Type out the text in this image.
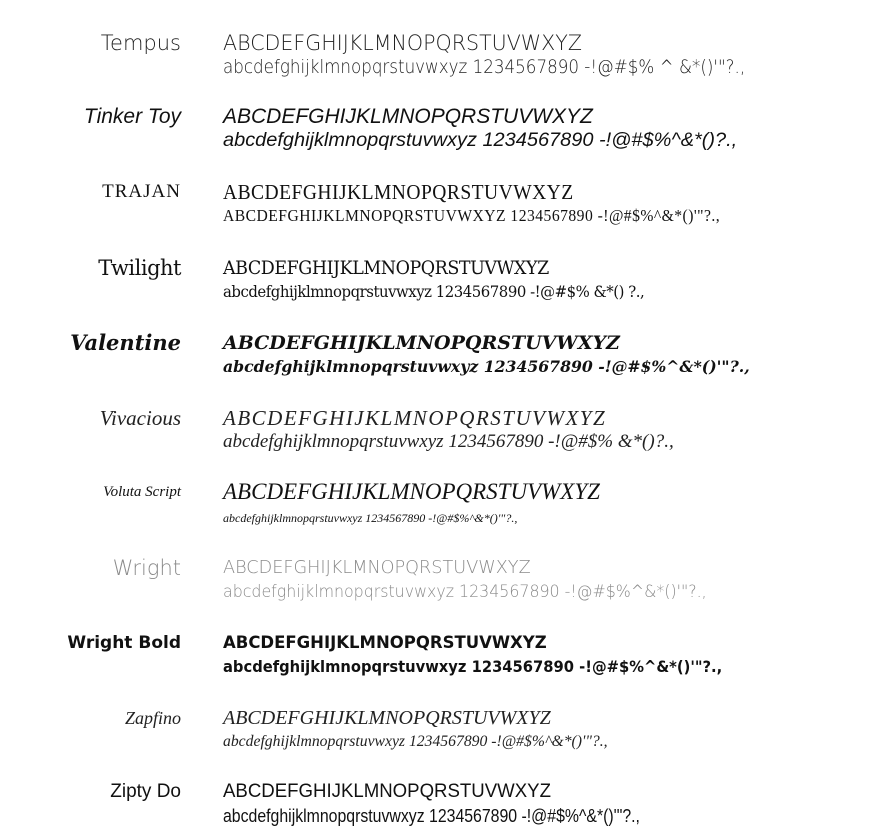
Tempus ABCDEFGHIJKLMNOPQRSTUVWXYZ
abcdefghijklmnopqrstuvwxyz 1234567890 -!@#$% ^ &*()'"?.,
Tinker Toy ABCDEFGHIJKLMNOPQRSTUVWXYZ
abcdefghijklmnopqrstuvwxyz 1234567890 -!@#$%^&*()?.,
TRAJAN ABCDEFGHIJKLMNOPQRSTUVWXYZ
ABCDEFGHIJKLMNOPQRSTUVWXYZ 1234567890 -!@#$%^&*()'"?.,
Twilight ABCDEFGHIJKLMNOPQRSTUVWXYZ
abcdefghijklmnopqrstuvwxyz 1234567890 -!@#$% &*() ?.,
Valentine ABCDEFGHIJKLMNOPQRSTUVWXYZ
abcdefghijklmnopqrstuvwxyz 1234567890 -!@#$%^&*()'"?.,
Vivacious ABCDEFGHIJKLMNOPQRSTUVWXYZ
abcdefghijklmnopqrstuvwxyz 1234567890 -!@#$% &*()?.,
Voluta Script ABCDEFGHIJKLMNOPQRSTUVWXYZ
abcdefghijklmnopqrstuvwxyz 1234567890 -!@#$%^&*()'"?.,
Wright ABCDEFGHIJKLMNOPQRSTUVWXYZ
abcdefghijklmnopqrstuvwxyz 1234567890 -!@#$%^&*()'"?.,
Wright Bold ABCDEFGHIJKLMNOPQRSTUVWXYZ
abcdefghijklmnopqrstuvwxyz 1234567890 -!@#$%^&*()'"?.,
Zapfino ABCDEFGHIJKLMNOPQRSTUVWXYZ
abcdefghijklmnopqrstuvwxyz 1234567890 -!@#$%^&*()'"?.,
Zipty Do ABCDEFGHIJKLMNOPQRSTUVWXYZ
abcdefghijklmnopqrstuvwxyz 1234567890 -!@#$%^&*()'"?.,
